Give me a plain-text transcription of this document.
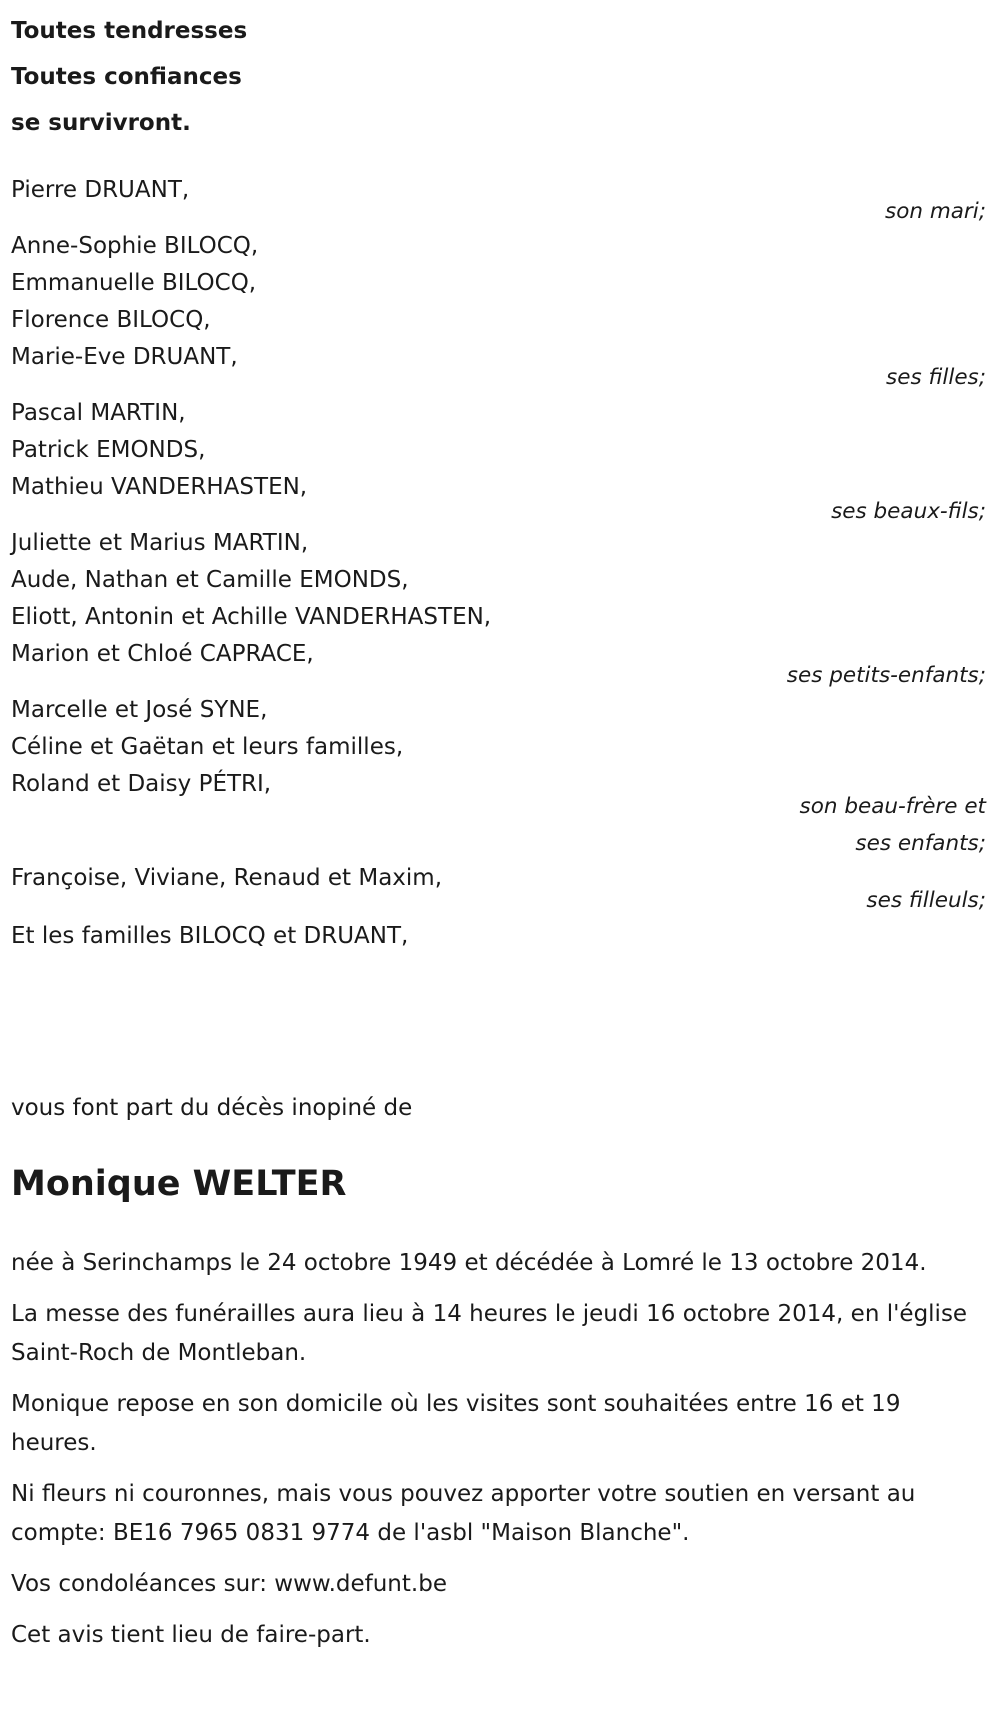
Toutes tendresses
Toutes confiances
se survivront.
Pierre DRUANT,
son mari;
Anne-Sophie BILOCQ,
Emmanuelle BILOCQ,
Florence BILOCQ,
Marie-Eve DRUANT,
ses filles;
Pascal MARTIN,
Patrick EMONDS,
Mathieu VANDERHASTEN,
ses beaux-fils;
Juliette et Marius MARTIN,
Aude, Nathan et Camille EMONDS,
Eliott, Antonin et Achille VANDERHASTEN,
Marion et Chloé CAPRACE,
ses petits-enfants;
Marcelle et José SYNE,
Céline et Gaëtan et leurs familles,
Roland et Daisy PÉTRI,
son beau-frère et
ses enfants;
Françoise, Viviane, Renaud et Maxim,
ses filleuls;
Et les familles BILOCQ et DRUANT,
vous font part du décès inopiné de
Monique WELTER

née à Serinchamps le 24 octobre 1949 et décédée à Lomré le 13 octobre 2014.

La messe des funérailles aura lieu à 14 heures le jeudi 16 octobre 2014, en l'église Saint-Roch de Montleban.

Monique repose en son domicile où les visites sont souhaitées entre 16 et 19 heures.

Ni fleurs ni couronnes, mais vous pouvez apporter votre soutien en versant au compte: BE16 7965 0831 9774 de l'asbl "Maison Blanche".

Vos condoléances sur: www.defunt.be

Cet avis tient lieu de faire-part.
